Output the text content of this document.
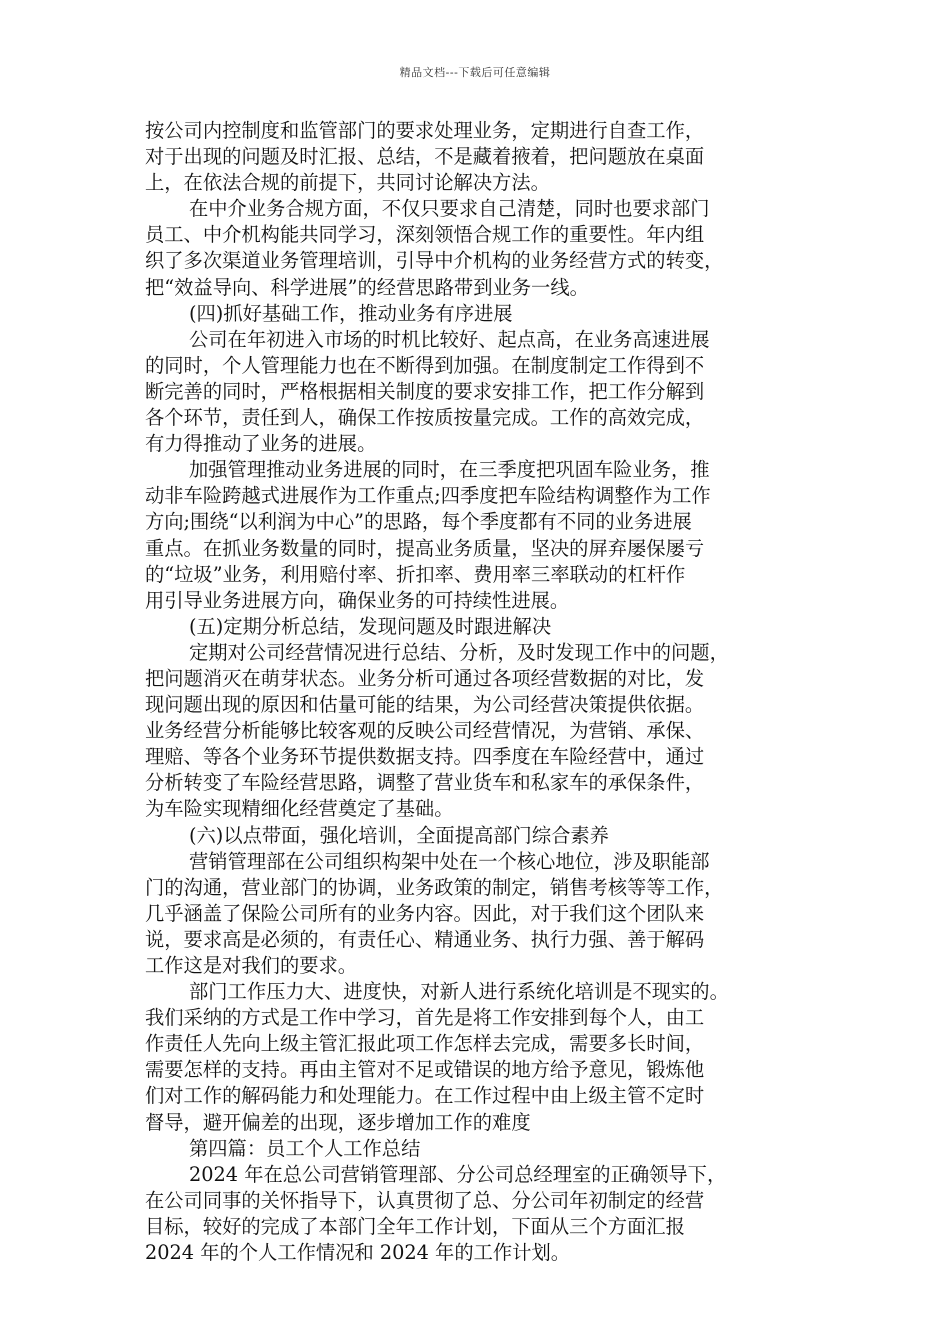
精品文档---下载后可任意编辑
按公司内控制度和监管部门的要求处理业务，定期进行自查工作，
对于出现的问题及时汇报、总结，不是藏着掖着，把问题放在桌面
上，在依法合规的前提下，共同讨论解决方法。
在中介业务合规方面，不仅只要求自己清楚，同时也要求部门
员工、中介机构能共同学习，深刻领悟合规工作的重要性。年内组
织了多次渠道业务管理培训，引导中介机构的业务经营方式的转变，
把“效益导向、科学进展”的经营思路带到业务一线。
(四)抓好基础工作，推动业务有序进展
公司在年初进入市场的时机比较好、起点高，在业务高速进展
的同时，个人管理能力也在不断得到加强。在制度制定工作得到不
断完善的同时，严格根据相关制度的要求安排工作，把工作分解到
各个环节，责任到人，确保工作按质按量完成。工作的高效完成，
有力得推动了业务的进展。
加强管理推动业务进展的同时，在三季度把巩固车险业务，推
动非车险跨越式进展作为工作重点;四季度把车险结构调整作为工作
方向;围绕“以利润为中心”的思路，每个季度都有不同的业务进展
重点。在抓业务数量的同时，提高业务质量，坚决的屏弃屡保屡亏
的“垃圾”业务，利用赔付率、折扣率、费用率三率联动的杠杆作
用引导业务进展方向，确保业务的可持续性进展。
(五)定期分析总结，发现问题及时跟进解决
定期对公司经营情况进行总结、分析，及时发现工作中的问题，
把问题消灭在萌芽状态。业务分析可通过各项经营数据的对比，发
现问题出现的原因和估量可能的结果，为公司经营决策提供依据。
业务经营分析能够比较客观的反映公司经营情况，为营销、承保、
理赔、等各个业务环节提供数据支持。四季度在车险经营中，通过
分析转变了车险经营思路，调整了营业货车和私家车的承保条件，
为车险实现精细化经营奠定了基础。
(六)以点带面，强化培训，全面提高部门综合素养
营销管理部在公司组织构架中处在一个核心地位，涉及职能部
门的沟通，营业部门的协调，业务政策的制定，销售考核等等工作，
几乎涵盖了保险公司所有的业务内容。因此，对于我们这个团队来
说，要求高是必须的，有责任心、精通业务、执行力强、善于解码
工作这是对我们的要求。
部门工作压力大、进度快，对新人进行系统化培训是不现实的。
我们采纳的方式是工作中学习，首先是将工作安排到每个人，由工
作责任人先向上级主管汇报此项工作怎样去完成，需要多长时间，
需要怎样的支持。再由主管对不足或错误的地方给予意见，锻炼他
们对工作的解码能力和处理能力。在工作过程中由上级主管不定时
督导，避开偏差的出现，逐步增加工作的难度
第四篇：员工个人工作总结
2024 年在总公司营销管理部、分公司总经理室的正确领导下，
在公司同事的关怀指导下，认真贯彻了总、分公司年初制定的经营
目标，较好的完成了本部门全年工作计划，下面从三个方面汇报
2024 年的个人工作情况和 2024 年的工作计划。
